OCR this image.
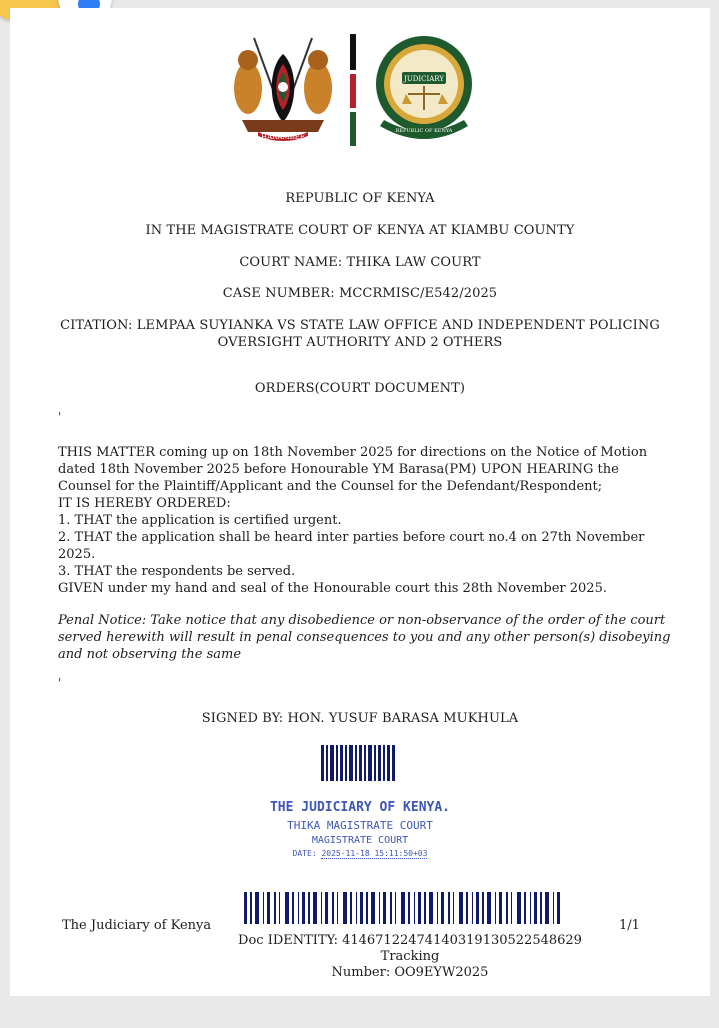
HARAMBEE
JUDICIARY
REPUBLIC OF KENYA
REPUBLIC OF KENYA
IN THE MAGISTRATE COURT OF KENYA AT KIAMBU COUNTY
COURT NAME: THIKA LAW COURT
CASE NUMBER: MCCRMISC/E542/2025
CITATION: LEMPAA SUYIANKA VS STATE LAW OFFICE AND INDEPENDENT POLICING
OVERSIGHT AUTHORITY AND 2 OTHERS
ORDERS(COURT DOCUMENT)
'

THIS MATTER coming up on 18th November 2025 for directions on the Notice of Motion dated 18th November 2025 before Honourable YM Barasa(PM) UPON HEARING the Counsel for the Plaintiff/Applicant and the Counsel for the Defendant/Respondent;

IT IS HEREBY ORDERED:

1. THAT the application is certified urgent.

2. THAT the application shall be heard inter parties before court no.4 on 27th November 2025.

3. THAT the respondents be served.

GIVEN under my hand and seal of the Honourable court this 28th November 2025.

Penal Notice: Take notice that any disobedience or non-observance of the order of the court served herewith will result in penal consequences to you and any other person(s) disobeying and not observing the same
'
SIGNED BY: HON. YUSUF BARASA MUKHULA
THE JUDICIARY OF KENYA.
THIKA MAGISTRATE COURT
MAGISTRATE COURT
DATE: 2025-11-18 15:11:50+03
The Judiciary of Kenya	1/1
Doc IDENTITY: 4146712247414031913052254862​9 Tracking
Number: OO9EYW2025
